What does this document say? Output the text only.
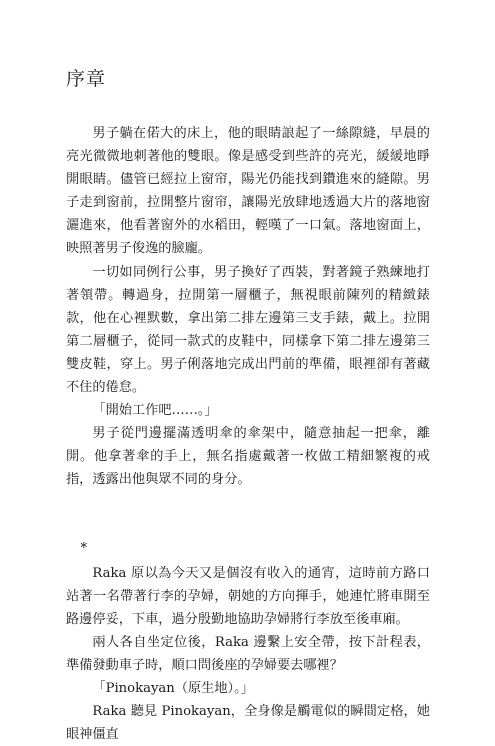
序章

男子躺在偌大的床上，他的眼睛誏起了一絲隙縫，早晨的亮光微微地刺著他的雙眼。像是感受到些許的亮光，緩緩地睜開眼睛。儘管已經拉上窗帘，陽光仍能找到鑽進來的縫隙。男子走到窗前，拉開整片窗帘，讓陽光放肆地透過大片的落地窗灑進來，他看著窗外的水稻田，輕嘆了一口氣。落地窗面上，映照著男子俊逸的臉龐。

一切如同例行公事，男子換好了西裝，對著鏡子熟練地打著領帶。轉過身，拉開第一層櫃子，無視眼前陳列的精緻錶款，他在心裡默數，拿出第二排左邊第三支手錶，戴上。拉開第二層櫃子，從同一款式的皮鞋中，同樣拿下第二排左邊第三雙皮鞋，穿上。男子俐落地完成出門前的準備，眼裡卻有著藏不住的倦怠。

「開始工作吧……。」

男子從門邊擺滿透明傘的傘架中，隨意抽起一把傘，離開。他拿著傘的手上，無名指處戴著一枚做工精細繁複的戒指，透露出他與眾不同的身分。

*

Raka 原以為今天又是個沒有收入的通宵，這時前方路口站著一名帶著行李的孕婦，朝她的方向揮手，她連忙將車開至路邊停妥，下車，過分殷勤地協助孕婦將行李放至後車廂。

兩人各自坐定位後，Raka 邊繫上安全帶，按下計程表，準備發動車子時，順口問後座的孕婦要去哪裡？

「Pinokayan（原生地）。」

Raka 聽見 Pinokayan，全身像是觸電似的瞬間定格，她眼神僵直
